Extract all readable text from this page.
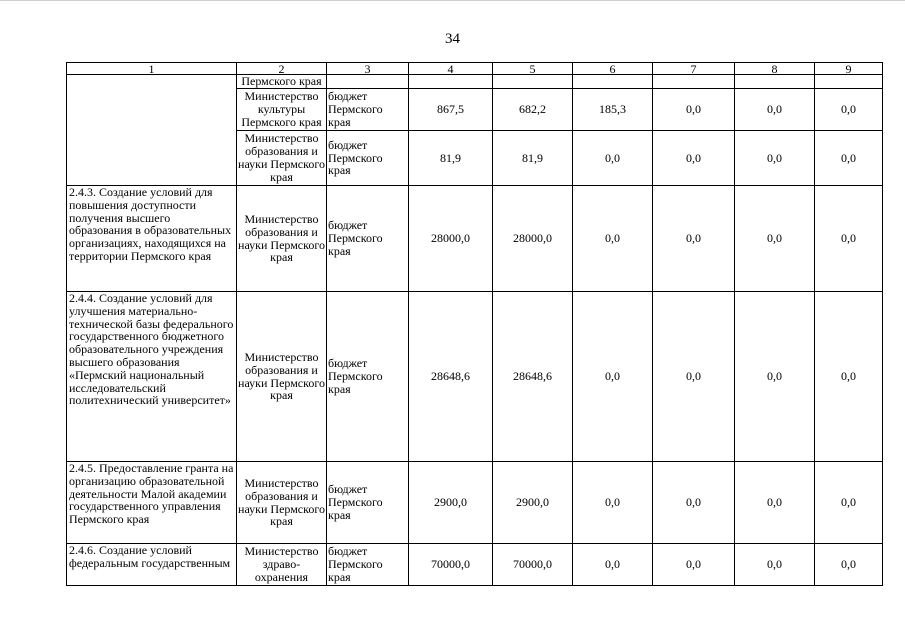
34
1	2	3	4	5	6	7	8	9
	Пермского края							
	Министерство культуры Пермского края	бюджет Пермского края	867,5	682,2	185,3	0,0	0,0	0,0
	Министерство образования и науки Пермского края	бюджет Пермского края	81,9	81,9	0,0	0,0	0,0	0,0
2.4.3. Создание условий для повышения доступности получения высшего образования в образовательных организациях, находящихся на территории Пермского края	Министерство образования и науки Пермского края	бюджет Пермского края	28000,0	28000,0	0,0	0,0	0,0	0,0
2.4.4. Создание условий для улучшения материально-технической базы федерального государственного бюджетного образовательного учреждения высшего образования «Пермский национальный исследовательский политехнический университет»	Министерство образования и науки Пермского края	бюджет Пермского края	28648,6	28648,6	0,0	0,0	0,0	0,0
2.4.5. Предоставление гранта на организацию образовательной деятельности Малой академии государственного управления Пермского края	Министерство образования и науки Пермского края	бюджет Пермского края	2900,0	2900,0	0,0	0,0	0,0	0,0
2.4.6. Создание условий федеральным государственным	Министерство здраво-охранения	бюджет Пермского края	70000,0	70000,0	0,0	0,0	0,0	0,0
